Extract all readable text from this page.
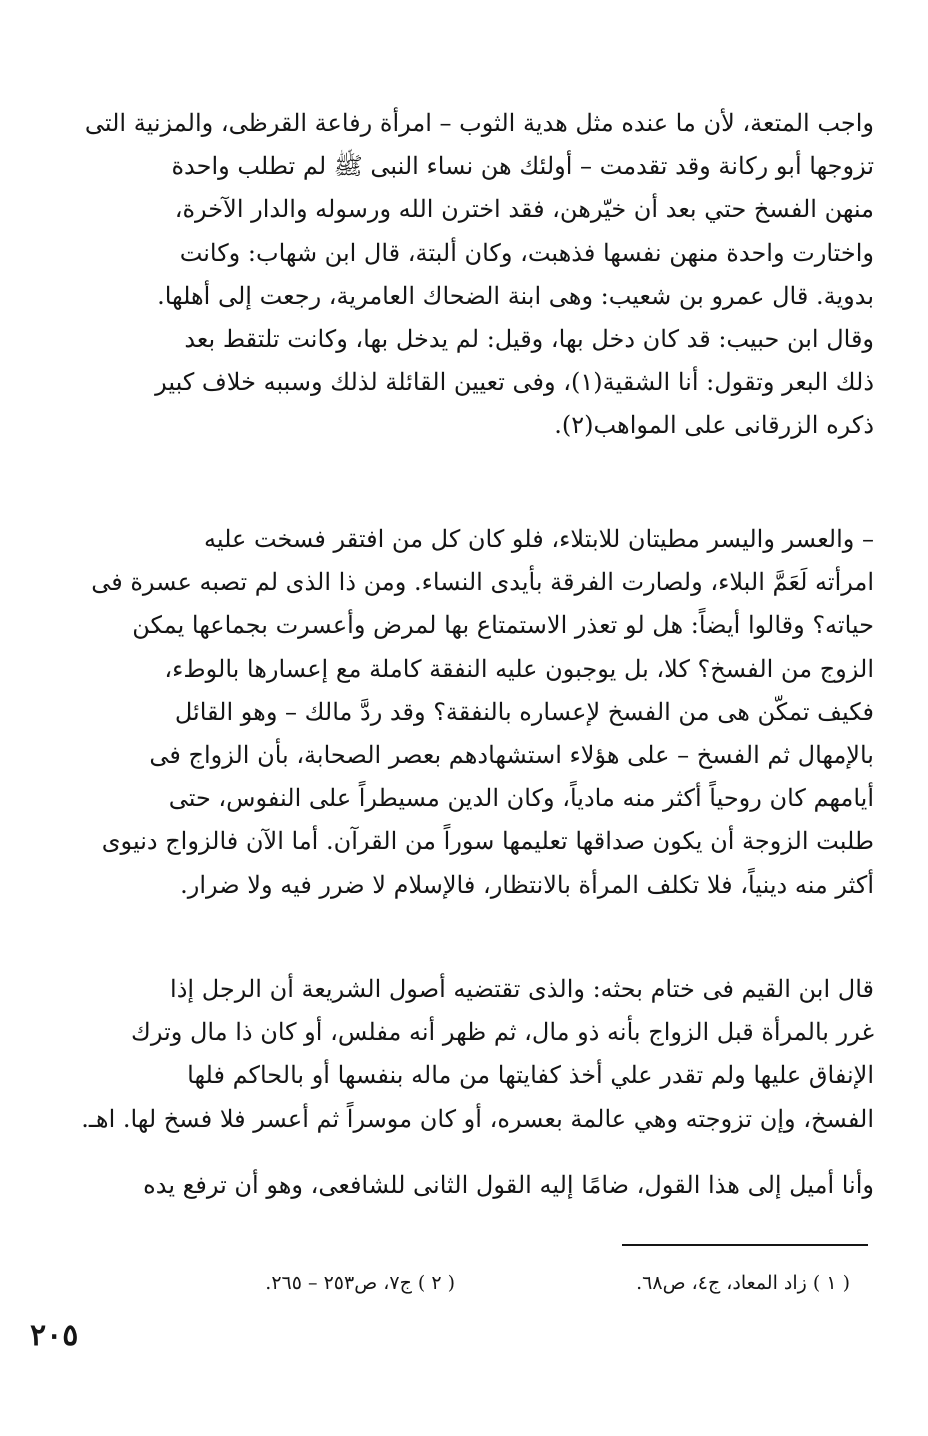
واجب المتعة، لأن ما عنده مثل هدية الثوب – امرأة رفاعة القرظى، والمزنية التى
تزوجها أبو ركانة وقد تقدمت – أولئك هن نساء النبى ﷺ لم تطلب واحدة
منهن الفسخ حتي بعد أن خيّرهن، فقد اخترن الله ورسوله والدار الآخرة،
واختارت واحدة منهن نفسها فذهبت، وكان ألبتة، قال ابن شهاب: وكانت
بدوية. قال عمرو بن شعيب: وهى ابنة الضحاك العامرية، رجعت إلى أهلها.
وقال ابن حبيب: قد كان دخل بها، وقيل: لم يدخل بها، وكانت تلتقط بعد
ذلك البعر وتقول: أنا الشقية(١)، وفى تعيين القائلة لذلك وسببه خلاف كبير
ذكره الزرقانى على المواهب(٢).

– والعسر واليسر مطيتان للابتلاء، فلو كان كل من افتقر فسخت عليه
امرأته لَعَمَّ البلاء، ولصارت الفرقة بأيدى النساء. ومن ذا الذى لم تصبه عسرة فى
حياته؟ وقالوا أيضاً: هل لو تعذر الاستمتاع بها لمرض وأعسرت بجماعها يمكن
الزوج من الفسخ؟ كلا، بل يوجبون عليه النفقة كاملة مع إعسارها بالوطء،
فكيف تمكّن هى من الفسخ لإعساره بالنفقة؟ وقد ردَّ مالك – وهو القائل
بالإمهال ثم الفسخ – على هؤلاء استشهادهم بعصر الصحابة، بأن الزواج فى
أيامهم كان روحياً أكثر منه مادياً، وكان الدين مسيطراً على النفوس، حتى
طلبت الزوجة أن يكون صداقها تعليمها سوراً من القرآن. أما الآن فالزواج دنيوى
أكثر منه دينياً، فلا تكلف المرأة بالانتظار، فالإسلام لا ضرر فيه ولا ضرار.

قال ابن القيم فى ختام بحثه: والذى تقتضيه أصول الشريعة أن الرجل إذا
غرر بالمرأة قبل الزواج بأنه ذو مال، ثم ظهر أنه مفلس، أو كان ذا مال وترك
الإنفاق عليها ولم تقدر علي أخذ كفايتها من ماله بنفسها أو بالحاكم فلها
الفسخ، وإن تزوجته وهي عالمة بعسره، أو كان موسراً ثم أعسر فلا فسخ لها. اهـ.

وأنا أميل إلى هذا القول، ضامًا إليه القول الثانى للشافعى، وهو أن ترفع يده

( ١ ) زاد المعاد، ج٤، ص٦٨.
( ٢ ) ج٧، ص٢٥٣ – ٢٦٥.
٢٠٥
